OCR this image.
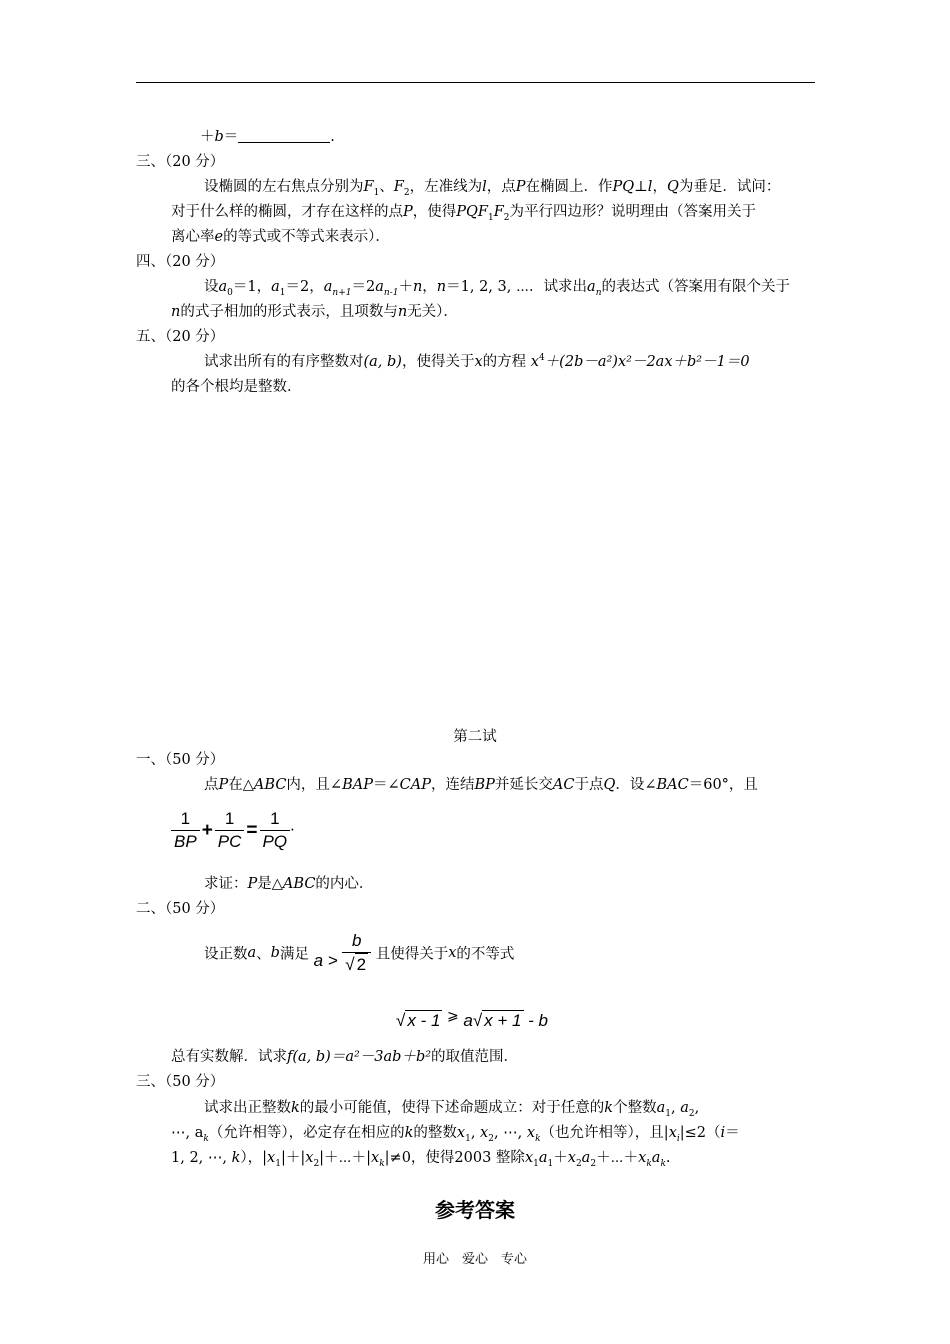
＋b＝	.
三、（20 分）
设椭圆的左右焦点分别为$F_1$、$F_2$，左准线为l，点P在椭圆上．作PQ⊥l，Q为垂足．试问：
对于什么样的椭圆，才存在这样的点P，使得$PQF_1F_2$为平行四边形？说明理由（答案用关于
离心率e的等式或不等式来表示）．
四、（20 分）
设$a_0=1$，$a_1=2$，$a_{n+1}=2a_{n-1}+n$，n＝1, 2, 3, ⋯．试求出$a_n$的表达式（答案用有限个关于
n的式子相加的形式表示，且项数与n无关）．
五、（20 分）
试求出所有的有序整数对(a, b)，使得关于x的方程 $x^4+(2b-a^2)x^2-2ax+b^2-1=0$
的各个根均是整数．
第二试
一、（50 分）
点P在△ABC内，且∠BAP＝∠CAP，连结BP并延长交AC于点Q．设∠BAC＝60°，且
$\frac{1}{BP} + \frac{1}{PC} = \frac{1}{PQ}$ ·
求证：P是△ABC的内心．
二、（50 分）
设正数a、b满足 $a > \frac{b}{√ 2}$ 且使得关于x的不等式
√ x - 1 ⩾ a√ x + 1 - b
总有实数解．试求f(a, b)＝a²－3ab＋b²的取值范围．
三、（50 分）
试求出正整数k的最小可能值，使得下述命题成立：对于任意的k个整数$a_1$, $a_2$,
⋯, $a_k$（允许相等），必定存在相应的k的整数$x_1$, $x_2$, ⋯, $x_k$（也允许相等），且$|x_i|\le 2(i=$
1, 2, ⋯, k），$|x_1|+|x_2|+\cdots+|x_k|\ne 0$，使得2003 整除$x_1a_1+x_2a_2+\cdots+x_ka_k$.
参考答案
用心　爱心　专心
